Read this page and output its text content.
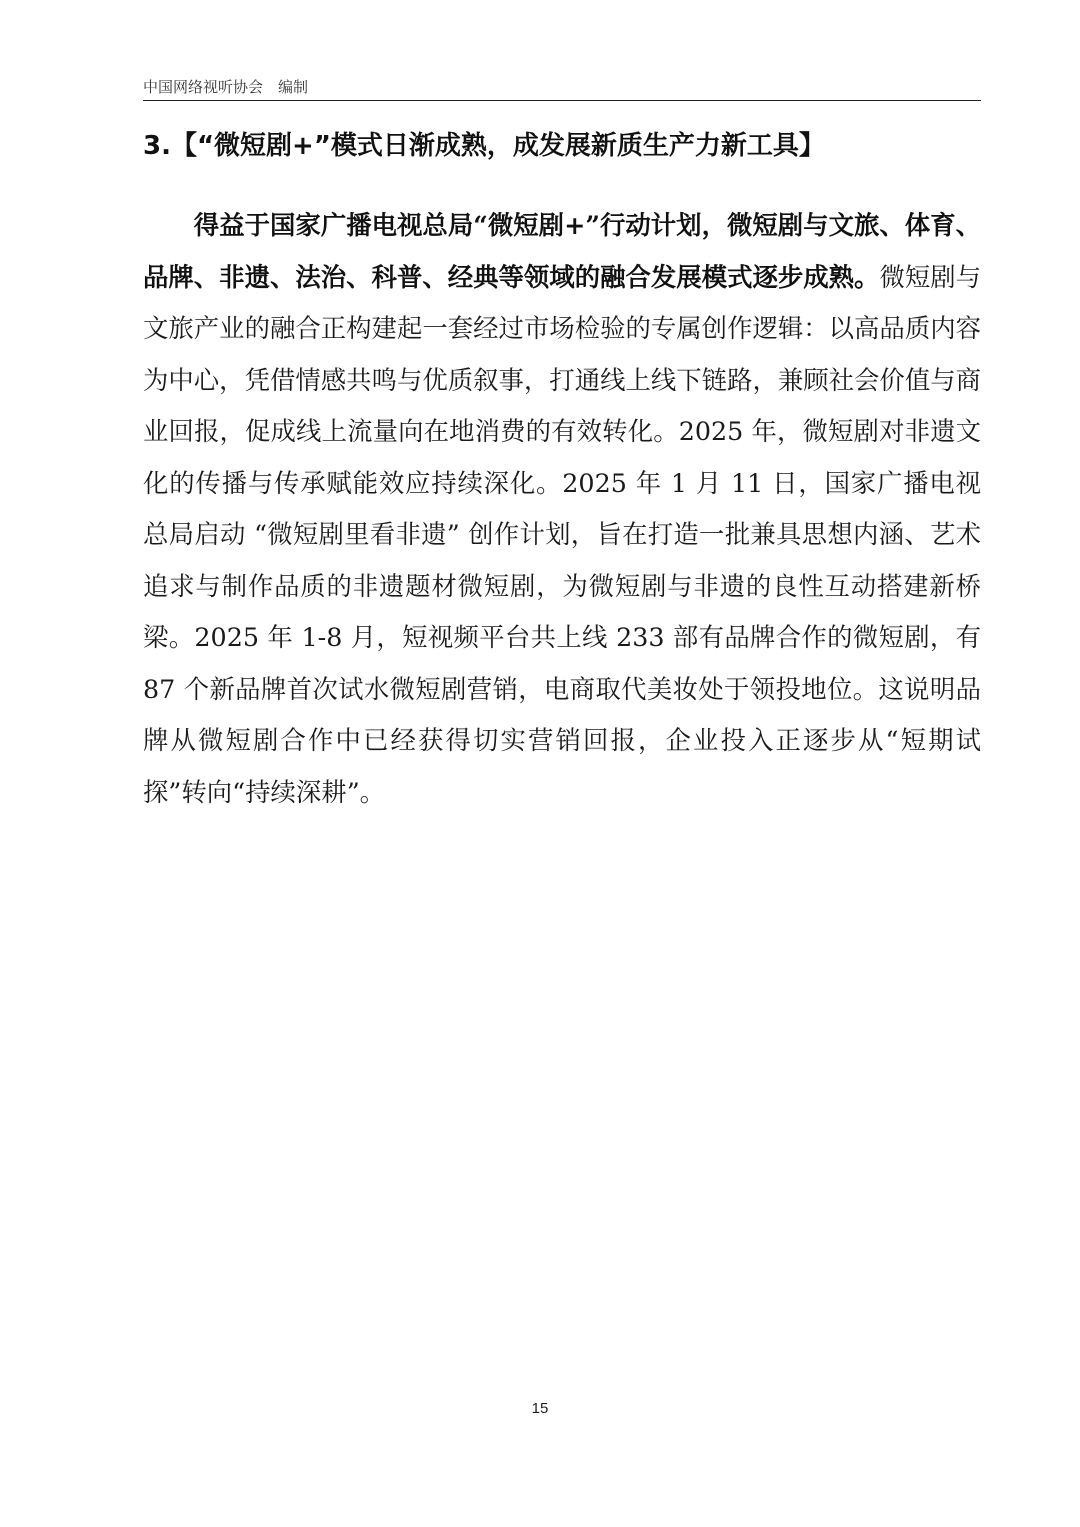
中国网络视听协会　编制
3.【“微短剧+”模式日渐成熟，成发展新质生产力新工具】

得益于国家广播电视总局“微短剧+”行动计划，微短剧与文旅、体育、品牌、非遗、法治、科普、经典等领域的融合发展模式逐步成熟。微短剧与文旅产业的融合正构建起一套经过市场检验的专属创作逻辑：以高品质内容为中心，凭借情感共鸣与优质叙事，打通线上线下链路，兼顾社会价值与商业回报，促成线上流量向在地消费的有效转化。2025 年，微短剧对非遗文化的传播与传承赋能效应持续深化。2025 年 1 月 11 日，国家广播电视总局启动 “微短剧里看非遗” 创作计划，旨在打造一批兼具思想内涵、艺术追求与制作品质的非遗题材微短剧，为微短剧与非遗的良性互动搭建新桥梁。2025 年 1-8 月，短视频平台共上线 233 部有品牌合作的微短剧，有 87 个新品牌首次试水微短剧营销，电商取代美妆处于领投地位。这说明品牌从微短剧合作中已经获得切实营销回报，企业投入正逐步从“短期试探”转向“持续深耕”。

15
